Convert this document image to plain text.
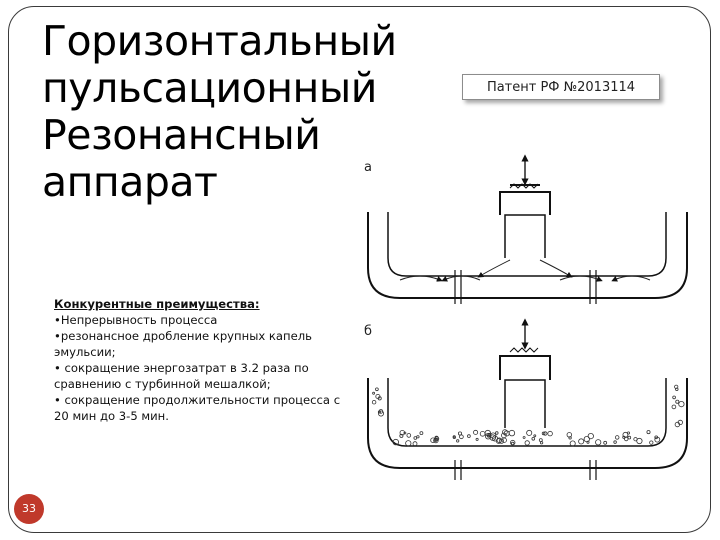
Горизонтальный
пульсационный
Резонансный
аппарат
Патент РФ №2013114

Конкурентные преимущества:

•Непрерывность процесса

•резонансное дробление крупных капель эмульсии;

• сокращение энергозатрат в 3.2 раза по сравнению с турбинной мешалкой;

• сокращение продолжительности процесса с 20 мин до 3-5 мин.

а
б
33
